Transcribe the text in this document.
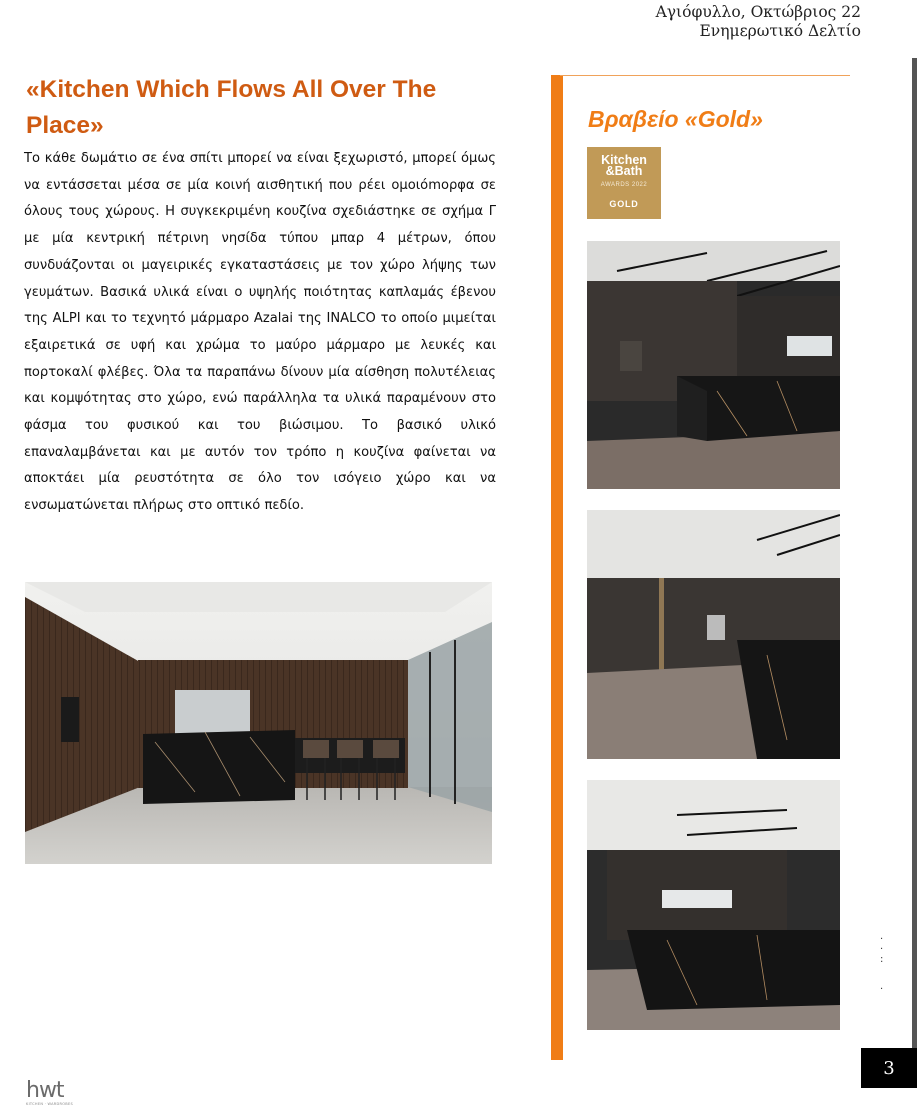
Αγιόφυλλο, Οκτώβριος 22
Ενημερωτικό Δελτίο
«Kitchen Which Flows All Over The Place»
Το κάθε δωμάτιο σε ένα σπίτι μπορεί να είναι ξεχωριστό, μπορεί όμως να εντάσσεται μέσα σε μία κοινή αισθητική που ρέει ομοιόmορφα σε όλους τους χώρους. Η συγκεκριμένη κουζίνα σχεδιάστηκε σε σχήμα Γ με μία κεντρική πέτρινη νησίδα τύπου μπαρ 4 μέτρων, όπου συνδυάζονται οι μαγειρικές εγκαταστάσεις με τον χώρο λήψης των γευμάτων. Βασικά υλικά είναι ο υψηλής ποιότητας καπλαμάς έβενου της ALPI και το τεχνητό μάρμαρο Azalai της INALCO το οποίο μιμείται εξαιρετικά σε υφή και χρώμα το μαύρο μάρμαρο με λευκές και πορτοκαλί φλέβες. Όλα τα παραπάνω δίνουν μία αίσθηση πολυτέλειας και κομψότητας στο χώρο, ενώ παράλληλα τα υλικά παραμένουν στο φάσμα του φυσικού και του βιώσιμου. Το βασικό υλικό επαναλαμβάνεται και με αυτόν τον τρόπο η κουζίνα φαίνεται να αποκτάει μία ρευστότητα σε όλο τον ισόγειο χώρο και να ενσωματώνεται πλήρως στο οπτικό πεδίο.
Βραβείο «Gold»
Kitchen
&Bath
AWARDS 2022
GOLD
·
·
:

·
3
hwt
KITCHEN · WARDROBES
